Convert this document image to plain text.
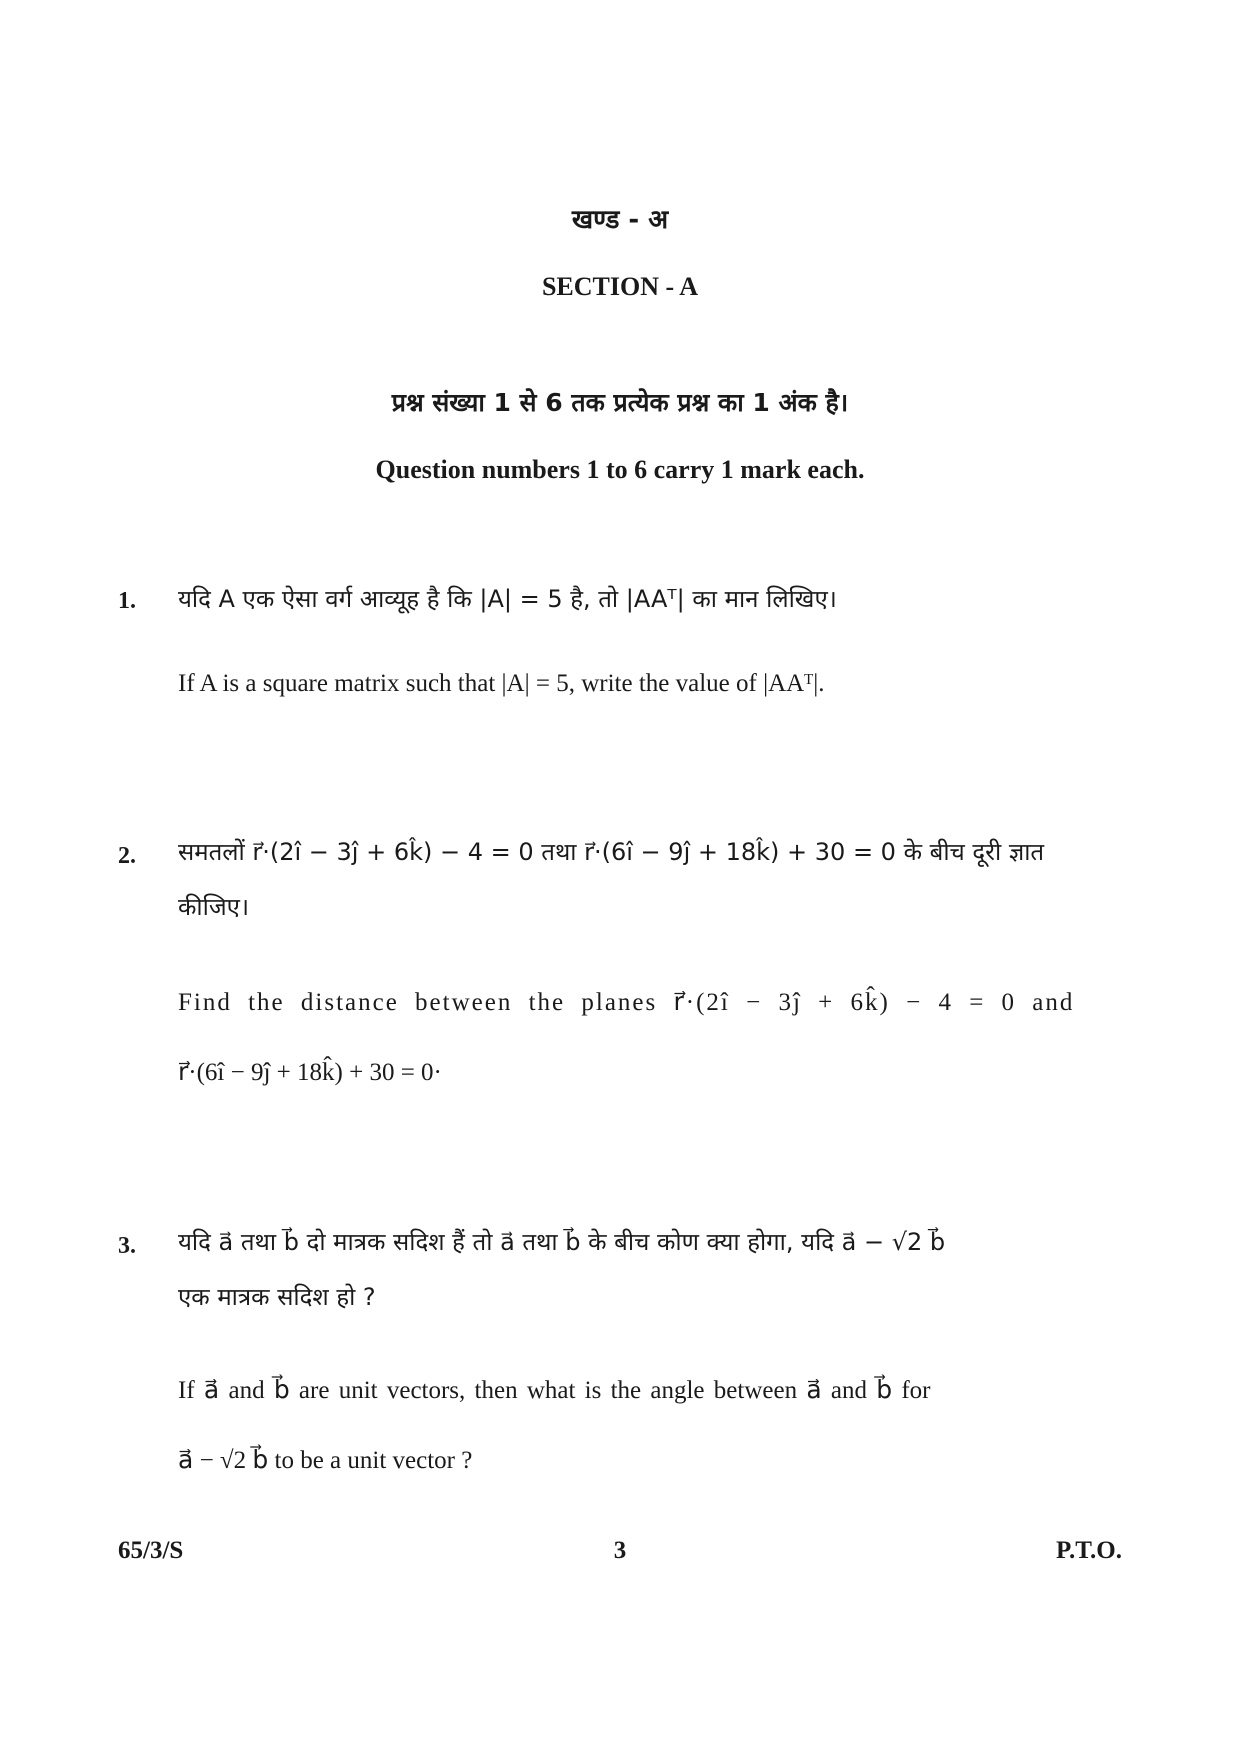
खण्ड - अ
SECTION - A
प्रश्न संख्या 1 से 6 तक प्रत्येक प्रश्न का 1 अंक है।
Question numbers 1 to 6 carry 1 mark each.
1. यदि A एक ऐसा वर्ग आव्यूह है कि |A| = 5 है, तो |AAᵀ| का मान लिखिए।
If A is a square matrix such that |A| = 5, write the value of |AAᵀ|.
2. समतलों r⃗·(2î − 3ĵ + 6k̂) − 4 = 0 तथा r⃗·(6î − 9ĵ + 18k̂) + 30 = 0 के बीच दूरी ज्ञात
कीजिए।
Find the distance between the planes r⃗·(2î − 3ĵ + 6k̂) − 4 = 0 and
r⃗·(6î − 9ĵ + 18k̂) + 30 = 0·
3. यदि a⃗ तथा b⃗ दो मात्रक सदिश हैं तो a⃗ तथा b⃗ के बीच कोण क्या होगा, यदि a⃗ − √2 b⃗
एक मात्रक सदिश हो ?
If a⃗ and b⃗ are unit vectors, then what is the angle between a⃗ and b⃗ for
a⃗ − √2 b⃗ to be a unit vector ?
65/3/S	3	P.T.O.
